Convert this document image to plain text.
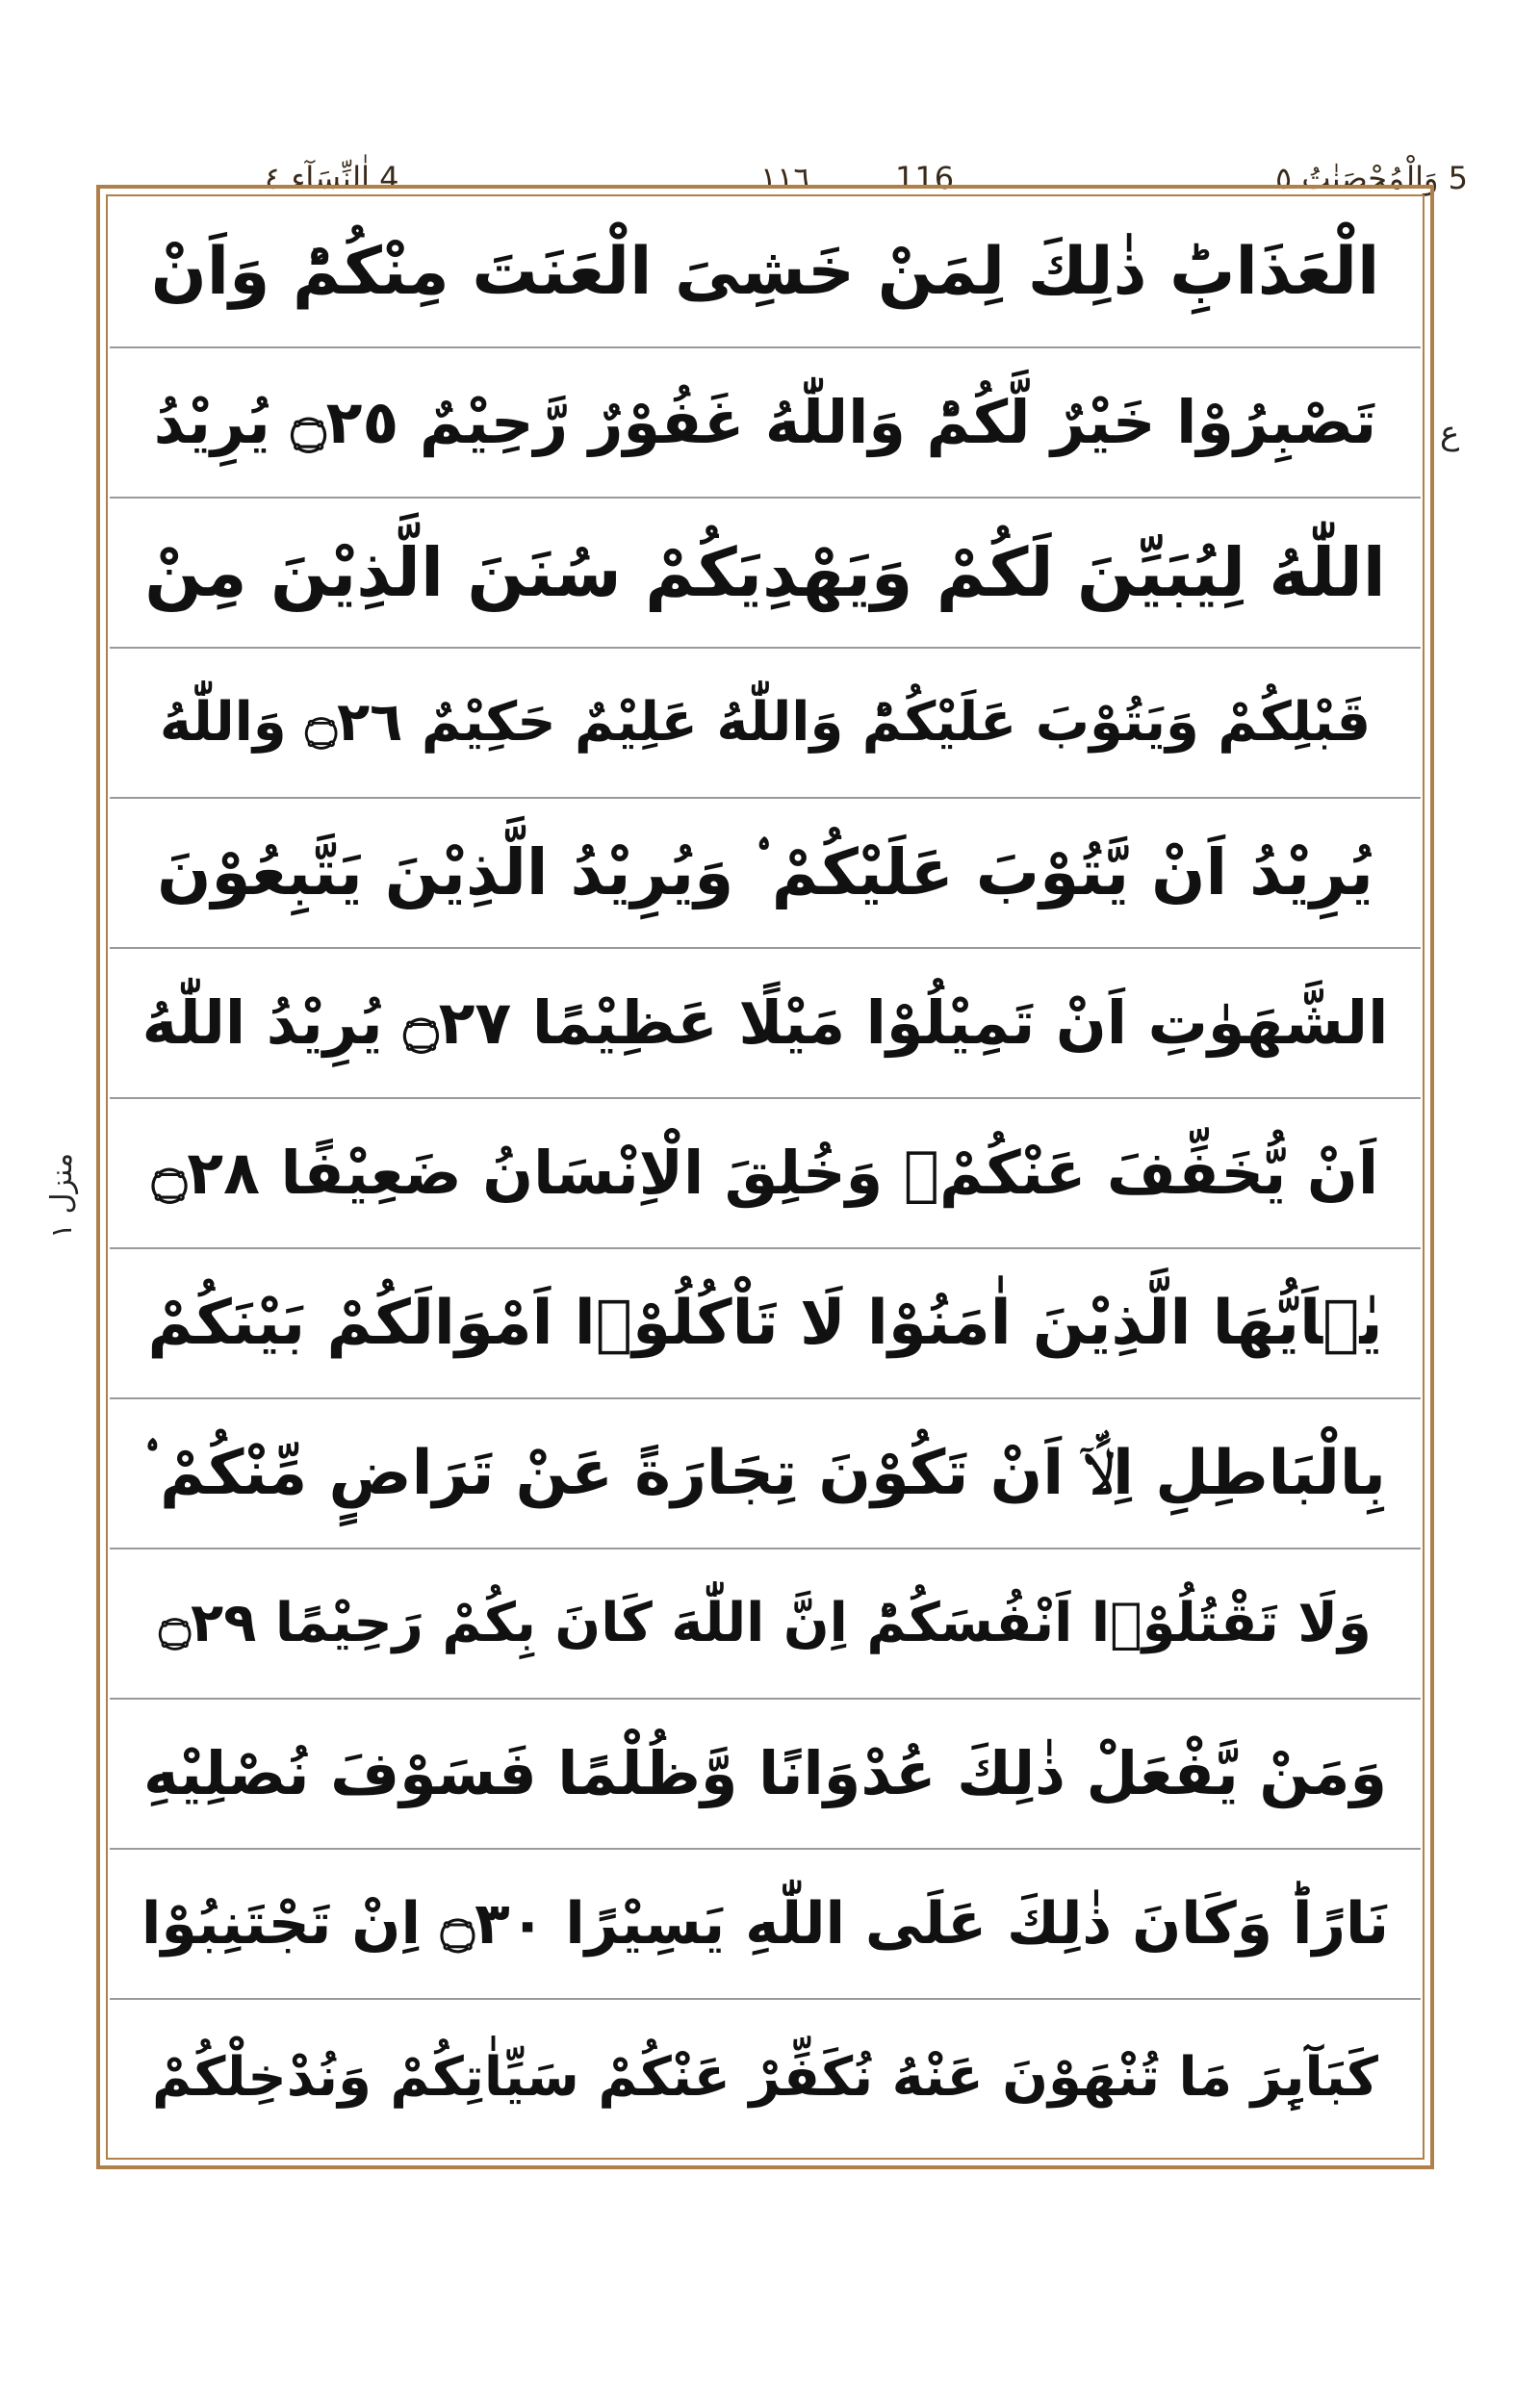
4 اٰلنِّسَآء ٤	١١٦	116	5 وَالْمُحْصَنٰتُ ٥
الْعَذَابِؕ ذٰلِكَ لِمَنْ خَشِیَ الْعَنَتَ مِنْكُمْؕ وَاَنْ
تَصْبِرُوْا خَيْرٌ لَّكُمْؕ وَاللّٰهُ غَفُوْرٌ رَّحِيْمٌ ۝٢٥ يُرِيْدُ
اللّٰهُ لِيُبَيِّنَ لَكُمْ وَيَهْدِيَكُمْ سُنَنَ الَّذِيْنَ مِنْ
قَبْلِكُمْ وَيَتُوْبَ عَلَيْكُمْؕ وَاللّٰهُ عَلِيْمٌ حَكِيْمٌ ۝٢٦ وَاللّٰهُ
يُرِيْدُ اَنْ يَّتُوْبَ عَلَيْكُمْ ۟ وَيُرِيْدُ الَّذِيْنَ يَتَّبِعُوْنَ
الشَّهَوٰتِ اَنْ تَمِيْلُوْا مَيْلًا عَظِيْمًا ۝٢٧ يُرِيْدُ اللّٰهُ
اَنْ يُّخَفِّفَ عَنْكُمْۚ وَخُلِقَ الْاِنْسَانُ ضَعِيْفًا ۝٢٨
يٰۤاَيُّهَا الَّذِيْنَ اٰمَنُوْا لَا تَاْكُلُوْۤا اَمْوَالَكُمْ بَيْنَكُمْ
بِالْبَاطِلِ اِلَّاۤ اَنْ تَكُوْنَ تِجَارَةً عَنْ تَرَاضٍ مِّنْكُمْ ۟
وَلَا تَقْتُلُوْۤا اَنْفُسَكُمْؕ اِنَّ اللّٰهَ كَانَ بِكُمْ رَحِيْمًا ۝٢٩
وَمَنْ يَّفْعَلْ ذٰلِكَ عُدْوَانًا وَّظُلْمًا فَسَوْفَ نُصْلِيْهِ
نَارًاؕ وَكَانَ ذٰلِكَ عَلَى اللّٰهِ يَسِيْرًا ۝٣٠ اِنْ تَجْتَنِبُوْا
كَبَآىِٕرَ مَا تُنْهَوْنَ عَنْهُ نُكَفِّرْ عَنْكُمْ سَيِّاٰتِكُمْ وَنُدْخِلْكُمْ
ع
منزل ١
